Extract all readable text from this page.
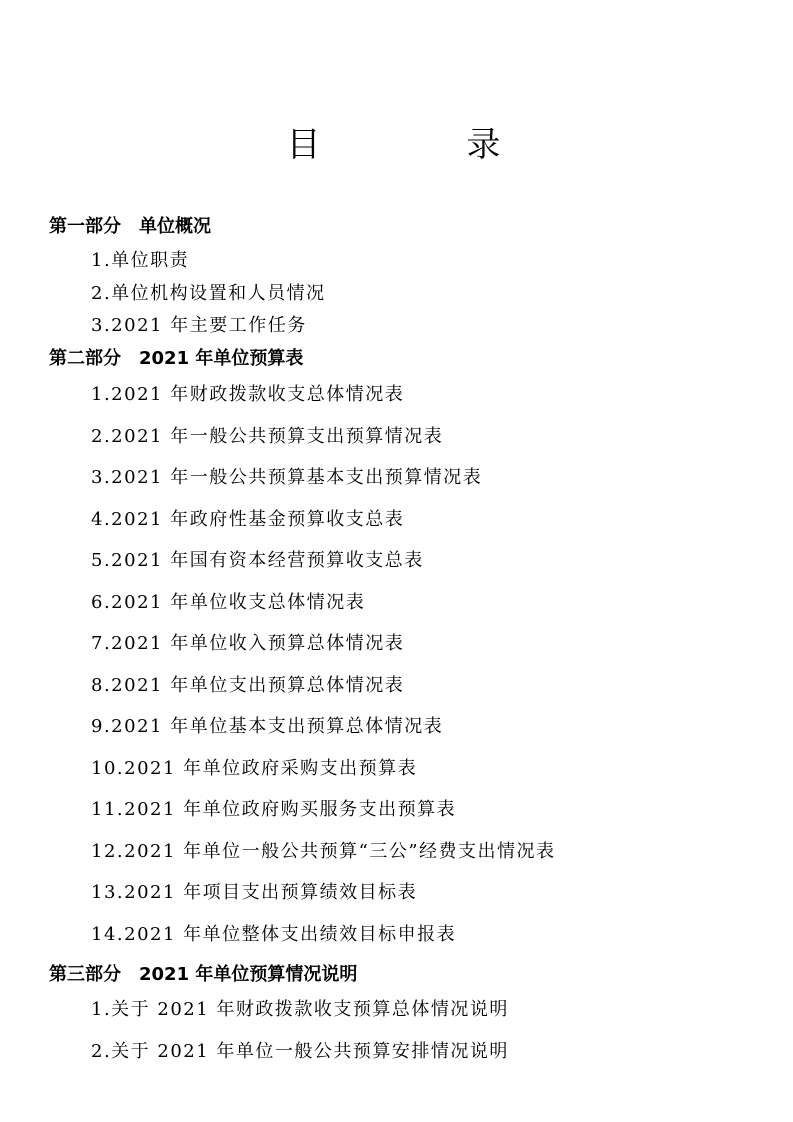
目　录
第一部分　单位概况
1.单位职责
2.单位机构设置和人员情况
3.2021 年主要工作任务
第二部分　2021 年单位预算表
1.2021 年财政拨款收支总体情况表
2.2021 年一般公共预算支出预算情况表
3.2021 年一般公共预算基本支出预算情况表
4.2021 年政府性基金预算收支总表
5.2021 年国有资本经营预算收支总表
6.2021 年单位收支总体情况表
7.2021 年单位收入预算总体情况表
8.2021 年单位支出预算总体情况表
9.2021 年单位基本支出预算总体情况表
10.2021 年单位政府采购支出预算表
11.2021 年单位政府购买服务支出预算表
12.2021 年单位一般公共预算“三公”经费支出情况表
13.2021 年项目支出预算绩效目标表
14.2021 年单位整体支出绩效目标申报表
第三部分　2021 年单位预算情况说明
1.关于 2021 年财政拨款收支预算总体情况说明
2.关于 2021 年单位一般公共预算安排情况说明
